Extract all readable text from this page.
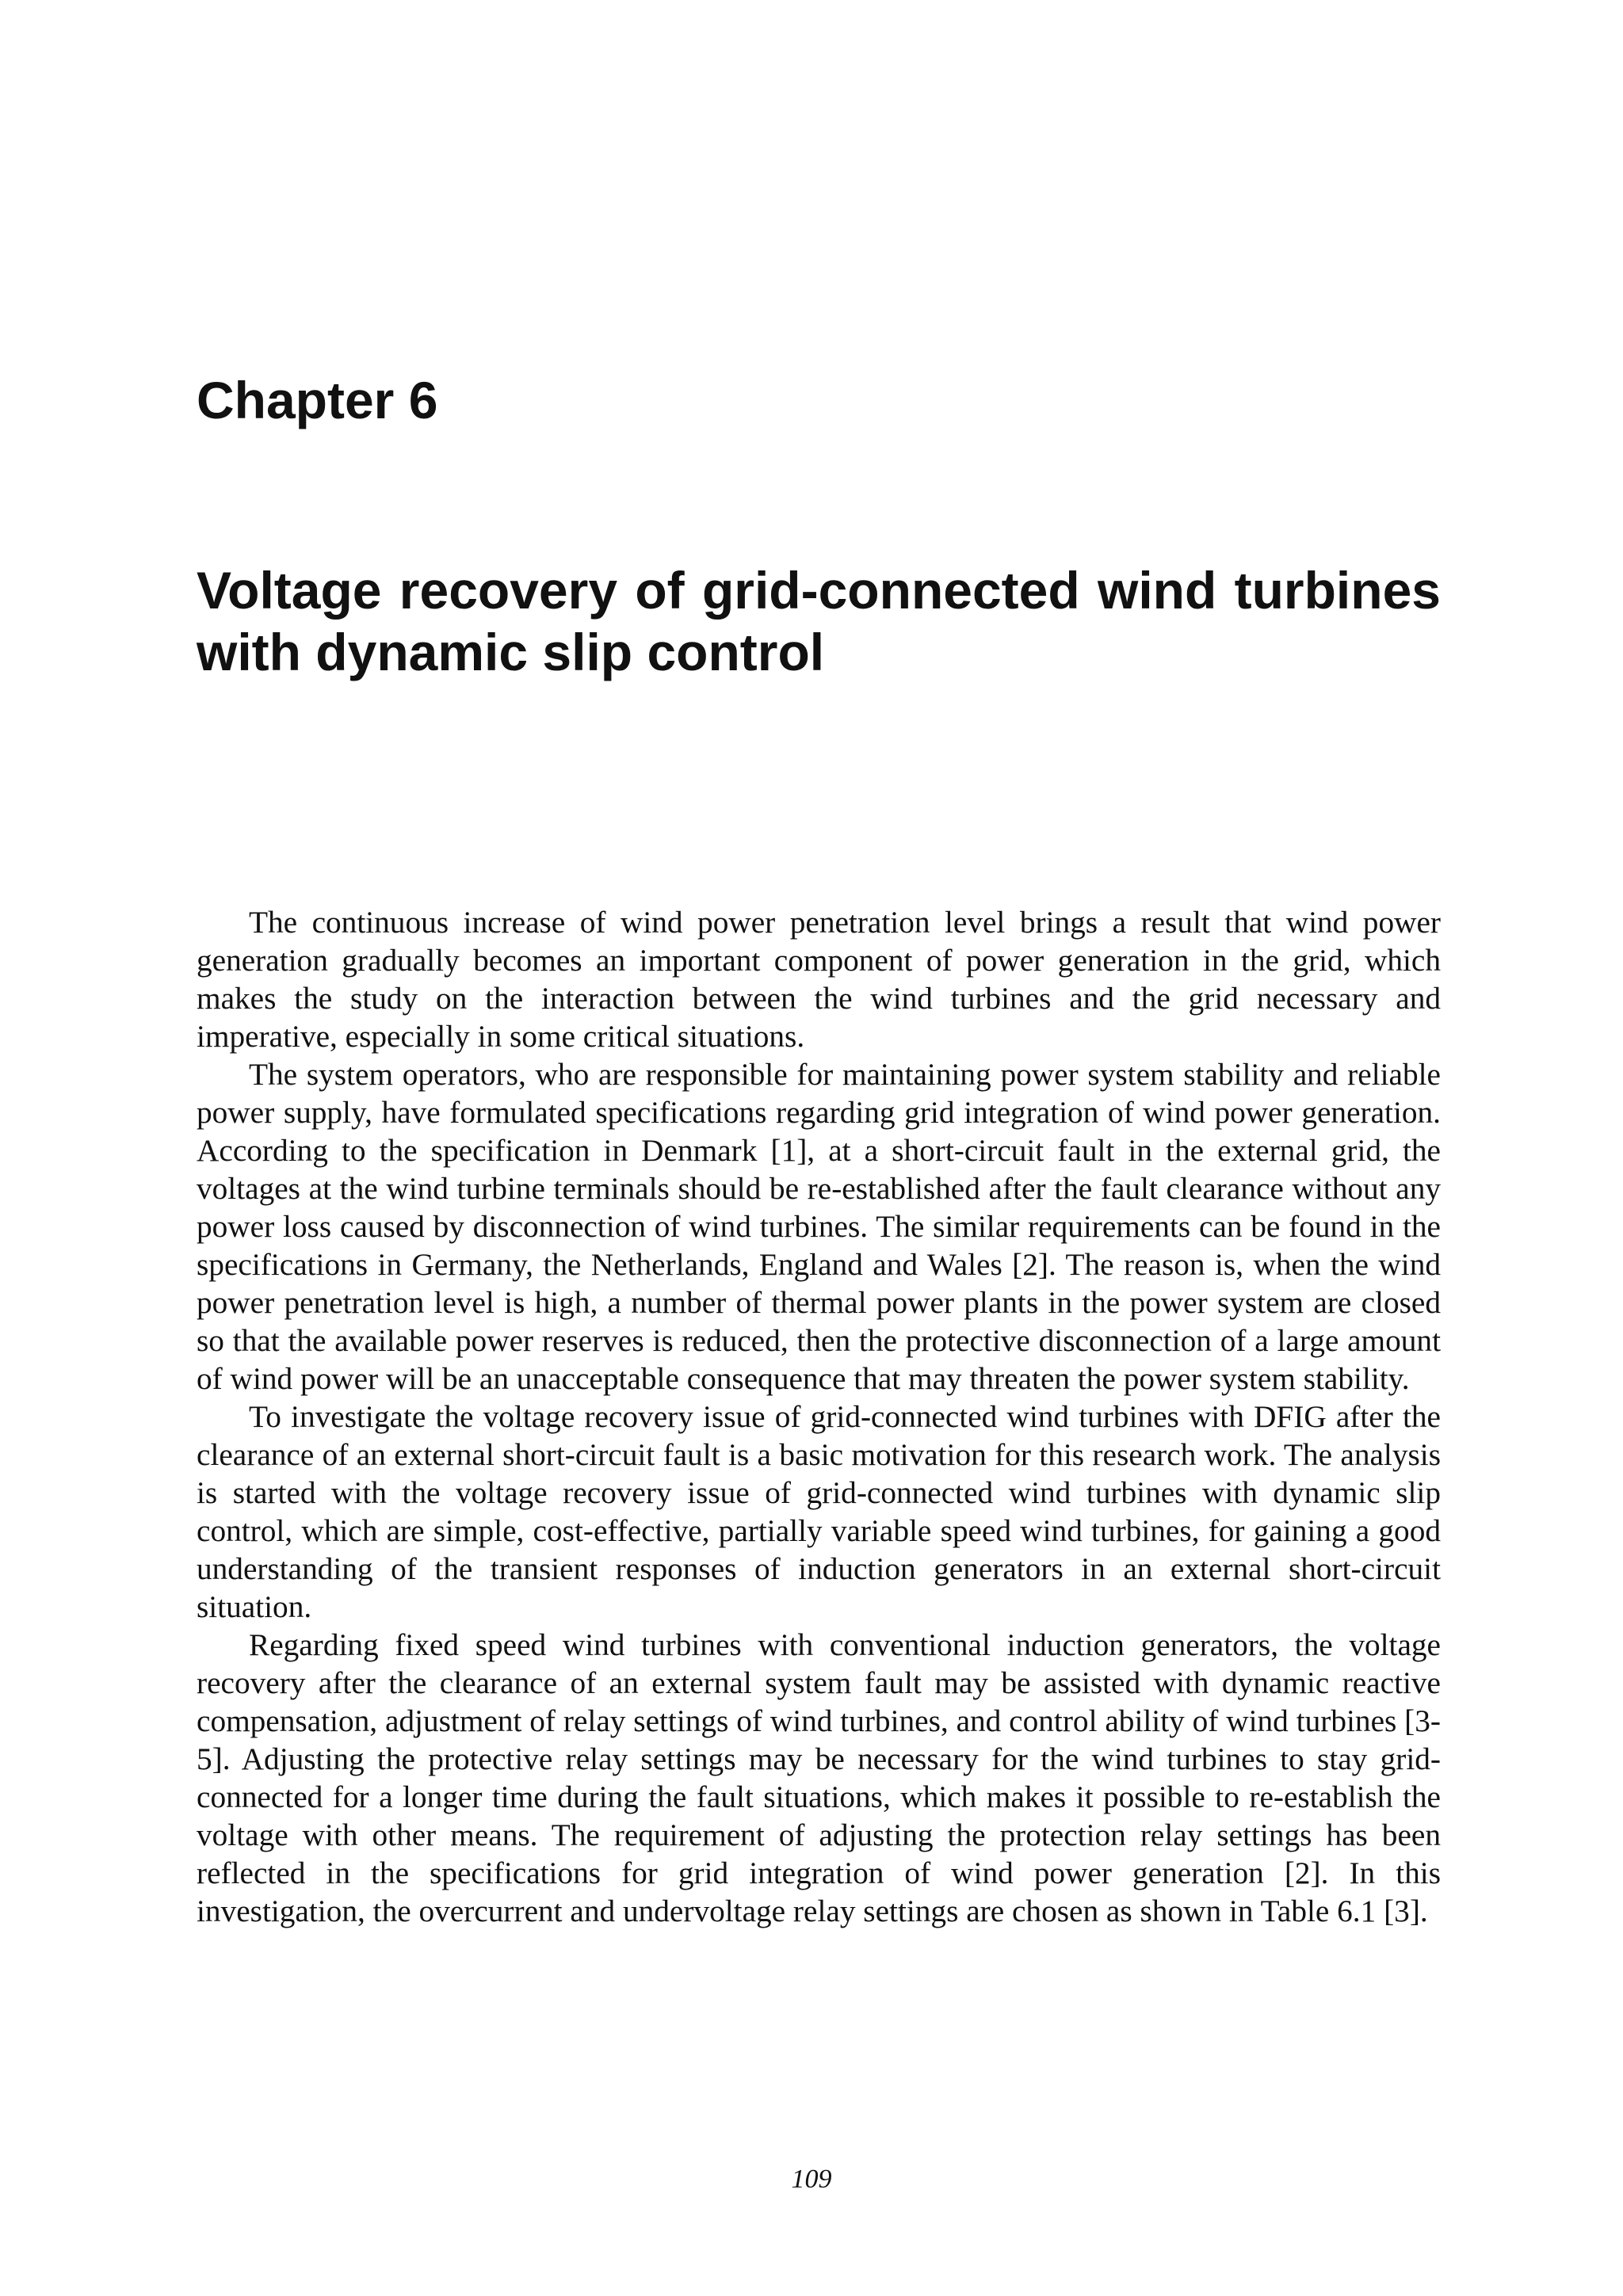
Chapter 6
Voltage recovery of grid-connected wind turbines with dynamic slip control

The continuous increase of wind power penetration level brings a result that wind power generation gradually becomes an important component of power generation in the grid, which makes the study on the interaction between the wind turbines and the grid necessary and imperative, especially in some critical situations.

The system operators, who are responsible for maintaining power system stability and reliable power supply, have formulated specifications regarding grid integration of wind power generation. According to the specification in Denmark [1], at a short-circuit fault in the external grid, the voltages at the wind turbine terminals should be re-established after the fault clearance without any power loss caused by disconnection of wind turbines. The similar requirements can be found in the specifications in Germany, the Netherlands, England and Wales [2]. The reason is, when the wind power penetration level is high, a number of thermal power plants in the power system are closed so that the available power reserves is reduced, then the protective disconnection of a large amount of wind power will be an unacceptable consequence that may threaten the power system stability.

To investigate the voltage recovery issue of grid-connected wind turbines with DFIG after the clearance of an external short-circuit fault is a basic motivation for this research work. The analysis is started with the voltage recovery issue of grid-connected wind turbines with dynamic slip control, which are simple, cost-effective, partially variable speed wind turbines, for gaining a good understanding of the transient responses of induction generators in an external short-circuit situation.

Regarding fixed speed wind turbines with conventional induction generators, the voltage recovery after the clearance of an external system fault may be assisted with dynamic reactive compensation, adjustment of relay settings of wind turbines, and control ability of wind turbines [3-5]. Adjusting the protective relay settings may be necessary for the wind turbines to stay grid-connected for a longer time during the fault situations, which makes it possible to re-establish the voltage with other means. The requirement of adjusting the protection relay settings has been reflected in the specifications for grid integration of wind power generation [2]. In this investigation, the overcurrent and undervoltage relay settings are chosen as shown in Table 6.1 [3].

109
